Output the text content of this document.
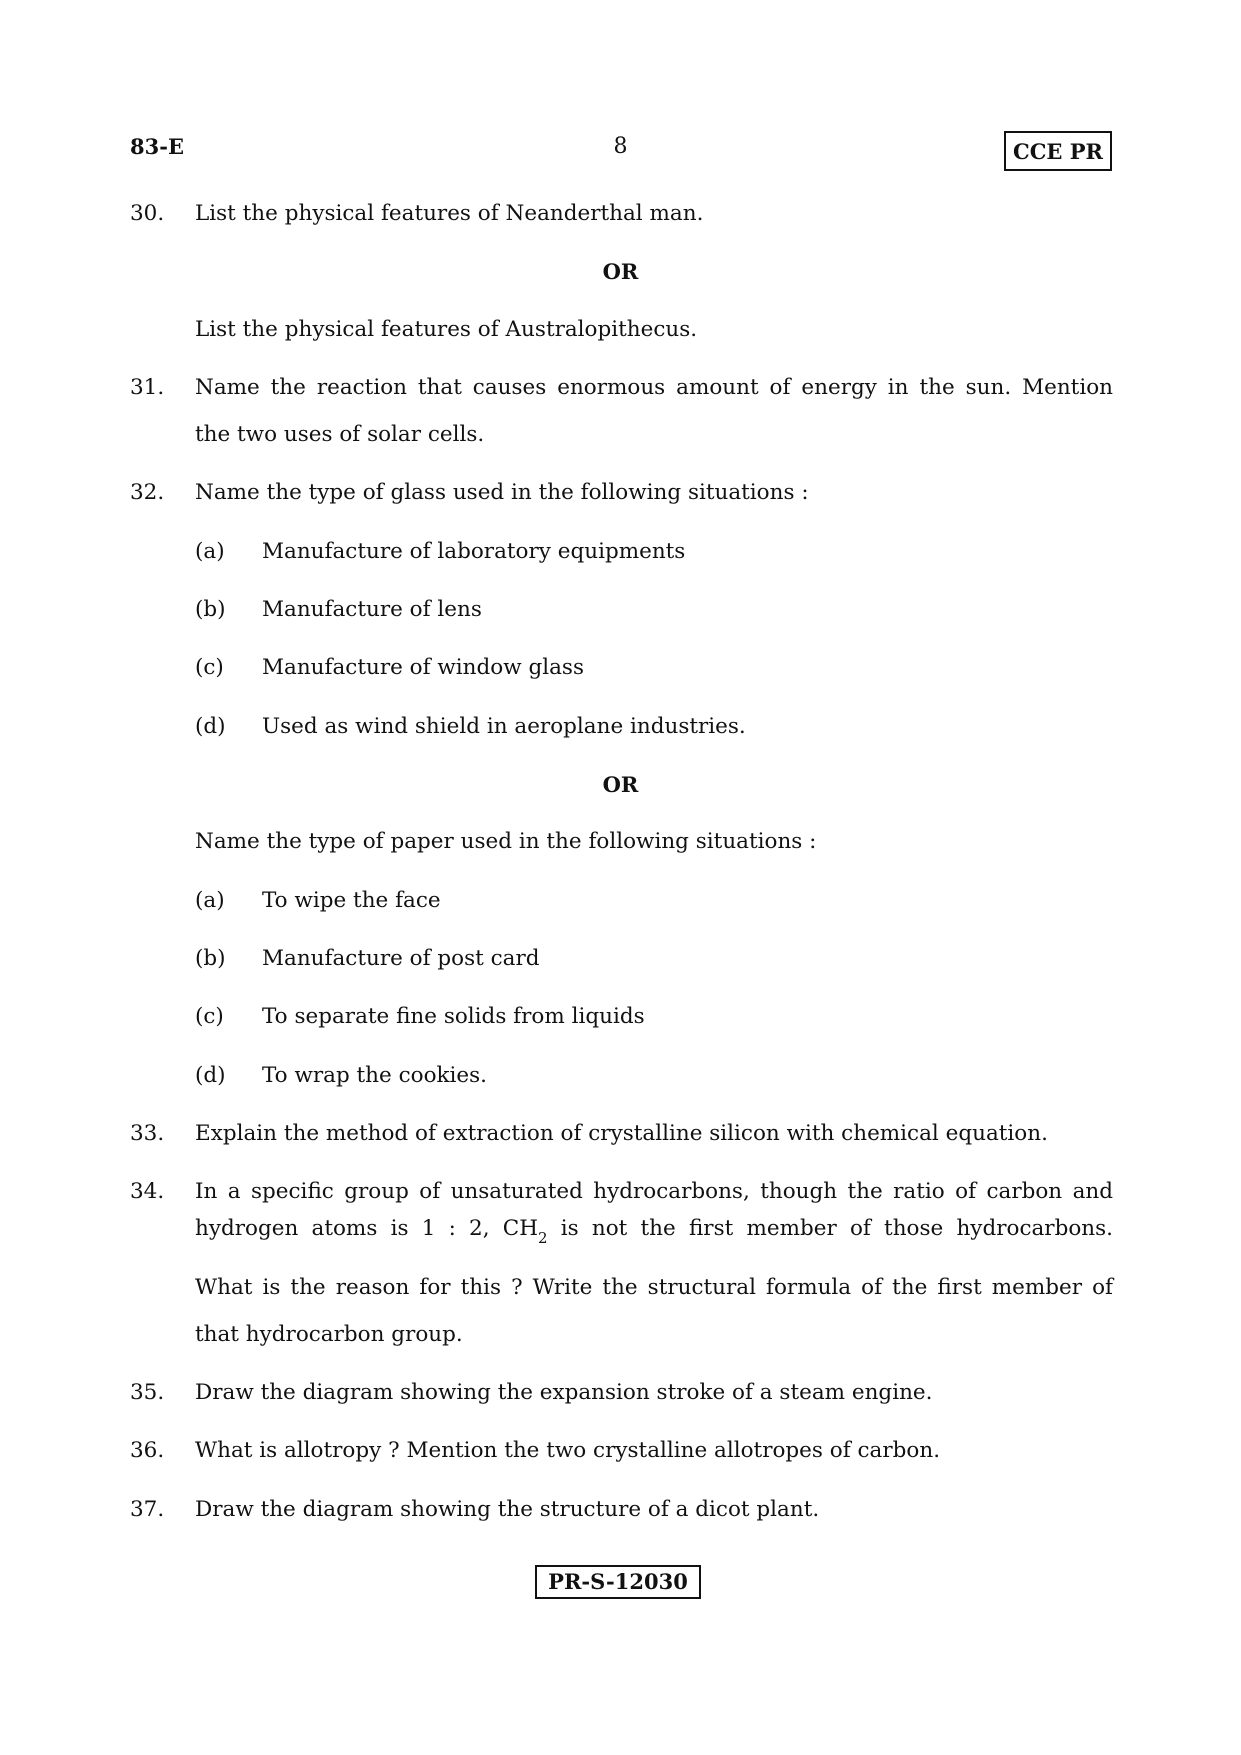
83-E	8	CCE PR
30. List the physical features of Neanderthal man.
OR
List the physical features of Australopithecus.
31. Name the reaction that causes enormous amount of energy in the sun. Mention
the two uses of solar cells.
32. Name the type of glass used in the following situations :
(a) Manufacture of laboratory equipments
(b) Manufacture of lens
(c) Manufacture of window glass
(d) Used as wind shield in aeroplane industries.
OR
Name the type of paper used in the following situations :
(a) To wipe the face
(b) Manufacture of post card
(c) To separate fine solids from liquids
(d) To wrap the cookies.
33. Explain the method of extraction of crystalline silicon with chemical equation.
34. In a specific group of unsaturated hydrocarbons, though the ratio of carbon and
hydrogen atoms is 1 : 2, $CH_2$ is not the first member of those hydrocarbons.
What is the reason for this ? Write the structural formula of the first member of
that hydrocarbon group.
35. Draw the diagram showing the expansion stroke of a steam engine.
36. What is allotropy ? Mention the two crystalline allotropes of carbon.
37. Draw the diagram showing the structure of a dicot plant.
PR-S-12030
